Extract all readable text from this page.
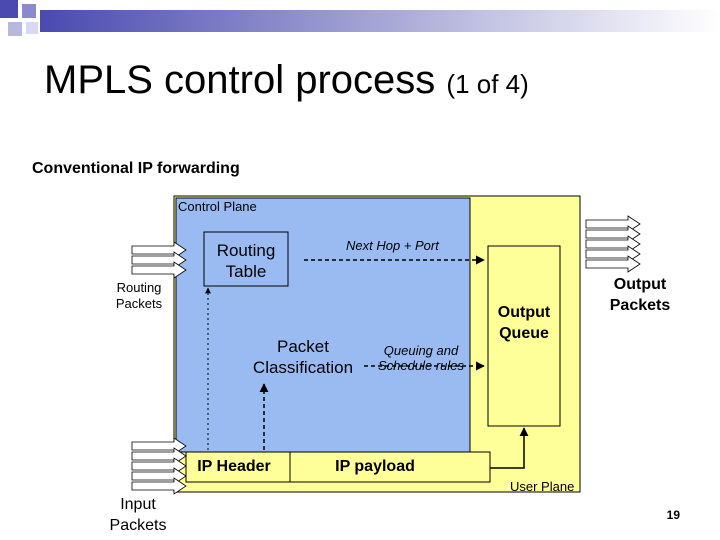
MPLS control process (1 of 4)
Conventional IP forwarding
Control Plane
Routing
Table
Next Hop + Port
Packet
Classification
Queuing and
Schedule rules
Output
Queue
IP Header	IP payload
User Plane
Routing
Packets
Input
Packets
Output
Packets
19
